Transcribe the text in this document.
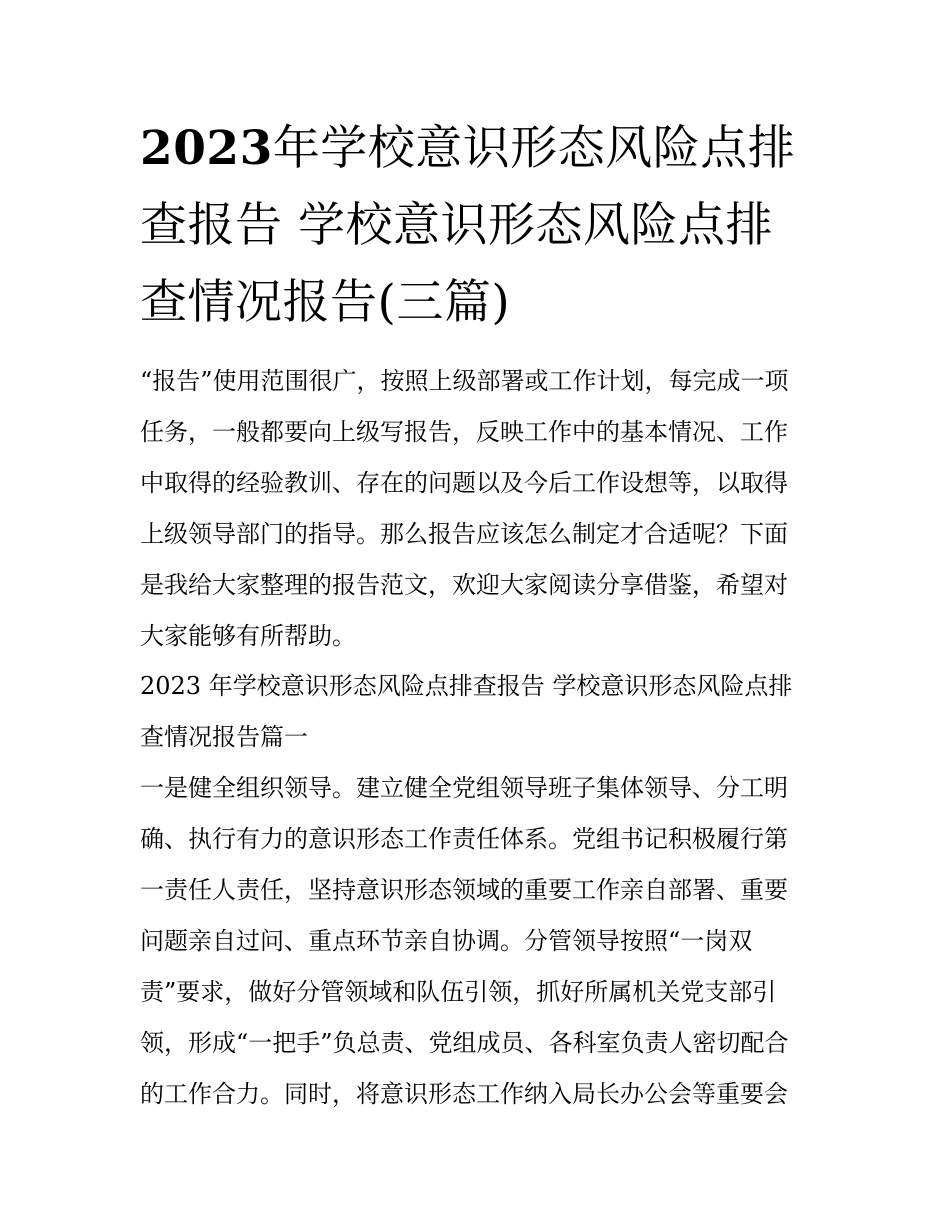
2023年学校意识形态风险点排
查报告 学校意识形态风险点排
查情况报告(三篇)

“报告”使用范围很广，按照上级部署或工作计划，每完成一项

任务，一般都要向上级写报告，反映工作中的基本情况、工作

中取得的经验教训、存在的问题以及今后工作设想等，以取得

上级领导部门的指导。那么报告应该怎么制定才合适呢？下面

是我给大家整理的报告范文，欢迎大家阅读分享借鉴，希望对

大家能够有所帮助。

2023 年学校意识形态风险点排查报告 学校意识形态风险点排

查情况报告篇一

一是健全组织领导。建立健全党组领导班子集体领导、分工明

确、执行有力的意识形态工作责任体系。党组书记积极履行第

一责任人责任，坚持意识形态领域的重要工作亲自部署、重要

问题亲自过问、重点环节亲自协调。分管领导按照“一岗双

责”要求，做好分管领域和队伍引领，抓好所属机关党支部引

领，形成“一把手”负总责、党组成员、各科室负责人密切配合

的工作合力。同时，将意识形态工作纳入局长办公会等重要会
